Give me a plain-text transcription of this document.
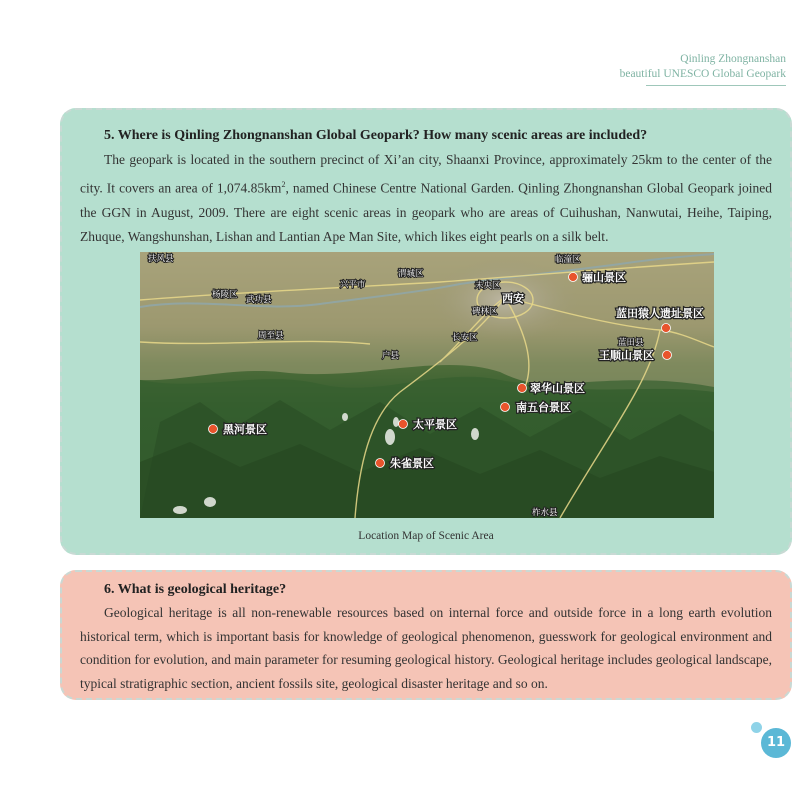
Qinling Zhongnanshan
beautiful UNESCO Global Geopark
5. Where is Qinling Zhongnanshan Global Geopark? How many scenic areas are included?
The geopark is located in the southern precinct of Xi’an city, Shaanxi Province, approximately 25km to the center of the city. It covers an area of $1,074.85km^2$, named Chinese Centre National Garden. Qinling Zhongnanshan Global Geopark joined the GGN in August, 2009. There are eight scenic areas in geopark who are areas of Cuihushan, Nanwutai, Heihe, Taiping, Zhuque, Wangshunshan, Lishan and Lantian Ape Man Site, which likes eight pearls on a silk belt.
骊山景区
蓝田猿人遗址景区
王顺山景区
翠华山景区
南五台景区
黑河景区	太平景区
朱雀景区
西安
扶风县
杨陵区 武功县
兴平市
渭城区
未央区
临潼区
碑林区
周至县
户县
长安区	蓝田县
柞水县
Location Map of Scenic Area
6. What is geological heritage?
Geological heritage is all non-renewable resources based on internal force and outside force in a long earth evolution historical term, which is important basis for knowledge of geological phenomenon, guesswork for geological environment and condition for evolution, and main parameter for resuming geological history. Geological heritage includes geological landscape, typical stratigraphic section, ancient fossils site, geological disaster heritage and so on.
11
